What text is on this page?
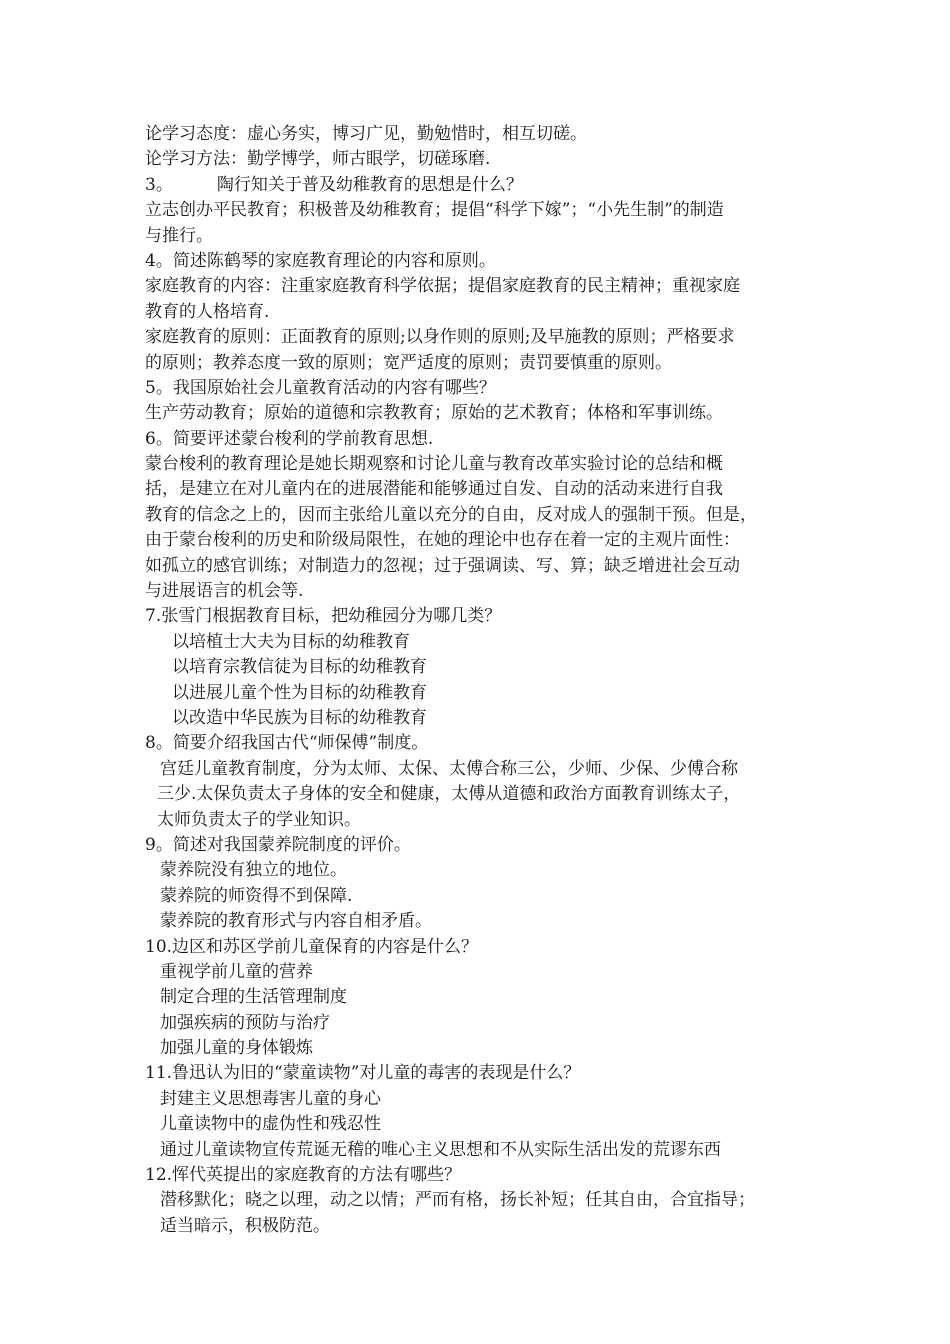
论学习态度：虚心务实，博习广见，勤勉惜时，相互切磋。
论学习方法：勤学博学，师古眼学，切磋琢磨.
3。	陶行知关于普及幼稚教育的思想是什么？
立志创办平民教育；积极普及幼稚教育；提倡“科学下嫁”；“小先生制”的制造
与推行。
4。简述陈鹤琴的家庭教育理论的内容和原则。
家庭教育的内容：注重家庭教育科学依据；提倡家庭教育的民主精神；重视家庭
教育的人格培育.
家庭教育的原则：正面教育的原则;以身作则的原则;及早施教的原则；严格要求
的原则；教养态度一致的原则；宽严适度的原则；责罚要慎重的原则。
5。我国原始社会儿童教育活动的内容有哪些？
生产劳动教育；原始的道德和宗教教育；原始的艺术教育；体格和军事训练。
6。简要评述蒙台梭利的学前教育思想.
蒙台梭利的教育理论是她长期观察和讨论儿童与教育改革实验讨论的总结和概
括，是建立在对儿童内在的进展潜能和能够通过自发、自动的活动来进行自我
教育的信念之上的，因而主张给儿童以充分的自由，反对成人的强制干预。但是，
由于蒙台梭利的历史和阶级局限性，在她的理论中也存在着一定的主观片面性：
如孤立的感官训练；对制造力的忽视；过于强调读、写、算；缺乏增进社会互动
与进展语言的机会等.
7.张雪门根据教育目标，把幼稚园分为哪几类？
以培植士大夫为目标的幼稚教育
以培育宗教信徒为目标的幼稚教育
以进展儿童个性为目标的幼稚教育
以改造中华民族为目标的幼稚教育
8。简要介绍我国古代“师保傅”制度。
宫廷儿童教育制度，分为太师、太保、太傅合称三公，少师、少保、少傅合称
三少.太保负责太子身体的安全和健康，太傅从道德和政治方面教育训练太子，
太师负责太子的学业知识。
9。简述对我国蒙养院制度的评价。
蒙养院没有独立的地位。
蒙养院的师资得不到保障.
蒙养院的教育形式与内容自相矛盾。
10.边区和苏区学前儿童保育的内容是什么？
重视学前儿童的营养
制定合理的生活管理制度
加强疾病的预防与治疗
加强儿童的身体锻炼
11.鲁迅认为旧的“蒙童读物”对儿童的毒害的表现是什么？
封建主义思想毒害儿童的身心
儿童读物中的虚伪性和残忍性
通过儿童读物宣传荒诞无稽的唯心主义思想和不从实际生活出发的荒谬东西
12.恽代英提出的家庭教育的方法有哪些？
潜移默化；晓之以理，动之以情；严而有格，扬长补短；任其自由，合宜指导；
适当暗示，积极防范。
